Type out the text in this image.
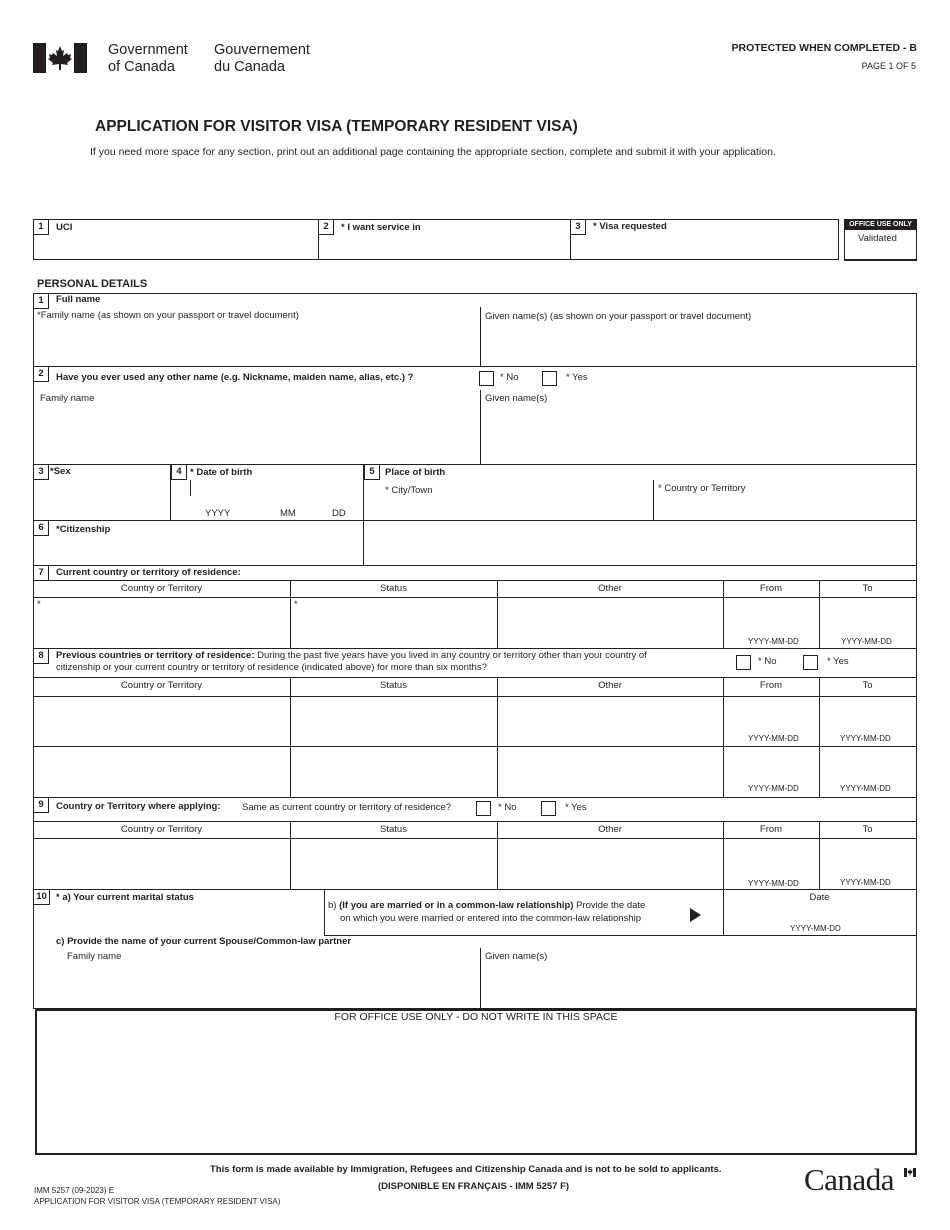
Government
of Canada
Gouvernement
du Canada
PROTECTED WHEN COMPLETED - B
PAGE 1 OF 5
APPLICATION FOR VISITOR VISA (TEMPORARY RESIDENT VISA)
If you need more space for any section, print out an additional page containing the appropriate section, complete and submit it with your application.
1	UCI	2	* I want service in	3	* Visa requested	OFFICE USE ONLY
Validated
PERSONAL DETAILS
1	Full name
*Family name (as shown on your passport or travel document)	Given name(s) (as shown on your passport or travel document)
2	Have you ever used any other name (e.g. Nickname, maiden name, alias, etc.) ?	* No	* Yes
Family name	Given name(s)
3 *Sex	4 * Date of birth
YYYY	MM	DD
5	Place of birth
* City/Town	* Country or Territory
6	*Citizenship
7	Current country or territory of residence:
Country or Territory	Status	Other	From	To
*	*
YYYY-MM-DD	YYYY-MM-DD
8	Previous countries or territory of residence: During the past five years have you lived in any country or territory other than your country of
citizenship or your current country or territory of residence (indicated above) for more than six months?
* No	* Yes
Country or Territory	Status	Other	From	To
YYYY-MM-DD	YYYY-MM-DD
YYYY-MM-DD	YYYY-MM-DD
9	Country or Territory where applying: Same as current country or territory of residence?	* No	* Yes
Country or Territory	Status	Other	From	To
YYYY-MM-DD	YYYY-MM-DD
10 * a) Your current marital status
b) (If you are married or in a common-law relationship) Provide the date
on which you were married or entered into the common-law relationship
Date
YYYY-MM-DD
c) Provide the name of your current Spouse/Common-law partner
Family name	Given name(s)
FOR OFFICE USE ONLY - DO NOT WRITE IN THIS SPACE
This form is made available by Immigration, Refugees and Citizenship Canada and is not to be sold to applicants.
(DISPONIBLE EN FRANÇAIS - IMM 5257 F)
IMM 5257 (09-2023) E
APPLICATION FOR VISITOR VISA (TEMPORARY RESIDENT VISA)
Canada
